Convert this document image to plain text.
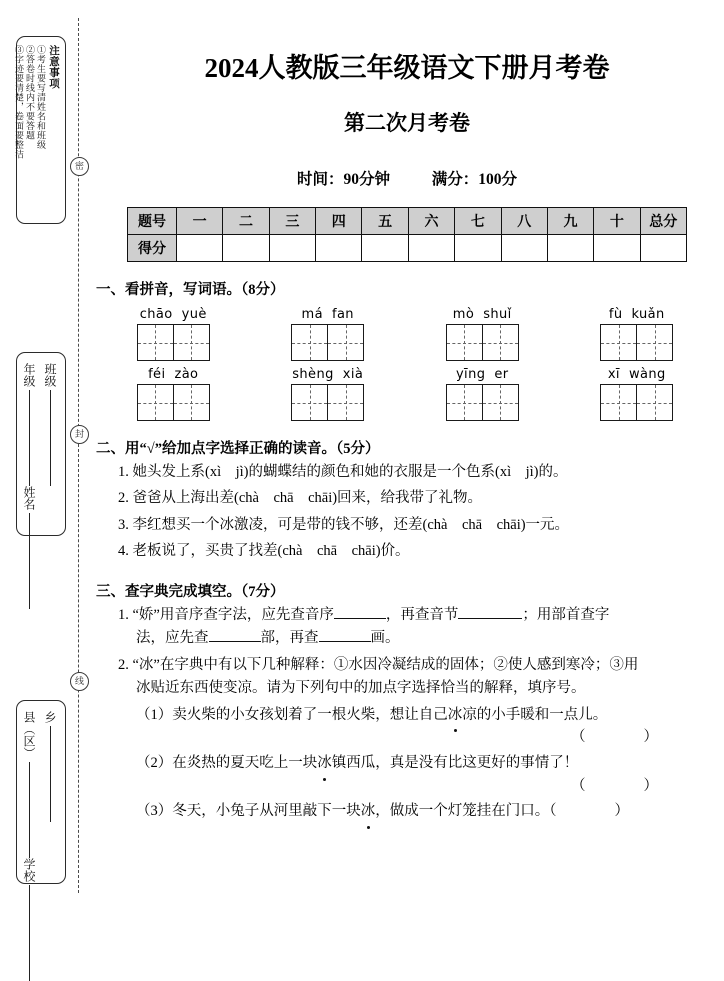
密
封
线
注意事项
①考生要写清姓名和班级
②答卷时线内不要答题
③字迹要清楚，卷面要整洁
班级
年级姓名
乡
县（区）学校
2024人教版三年级语文下册月考卷
第二次月考卷
时间：90分钟	满分：100分
题号	一	二	三	四	五	六	七	八	九	十	总分
得分											
一、看拼音，写词语。（8分）
chāo yuè	má fan	mò shuǐ	fù kuǎn
féi zào	shèng xià	yīng er	xī wàng
二、用“√”给加点字选择正确的读音。（5分）
1. 她头发上系(xì　jì)的蝴蝶结的颜色和她的衣服是一个色系(xì　jì)的。
2. 爸爸从上海出差(chà　chā　chāi)回来，给我带了礼物。
3. 李红想买一个冰激凌，可是带的钱不够，还差(chà　chā　chāi)一元。
4. 老板说了，买贵了找差(chà　chā　chāi)价。
三、查字典完成填空。（7分）
1. “娇”用音序查字法，应先查音序	，再查音节	；用部首查字
法，应先查	部，再查	画。
2. “冰”在字典中有以下几种解释：①水因冷凝结成的固体；②使人感到寒冷；③用
冰贴近东西使变凉。请为下列句中的加点字选择恰当的解释，填序号。
（1）卖火柴的小女孩划着了一根火柴，想让自己冰凉的小手暖和一点儿。
（　　　　）
（2）在炎热的夏天吃上一块冰镇西瓜，真是没有比这更好的事情了！
（　　　　）
（3）冬天，小兔子从河里敲下一块冰，做成一个灯笼挂在门口。（　　　　）
